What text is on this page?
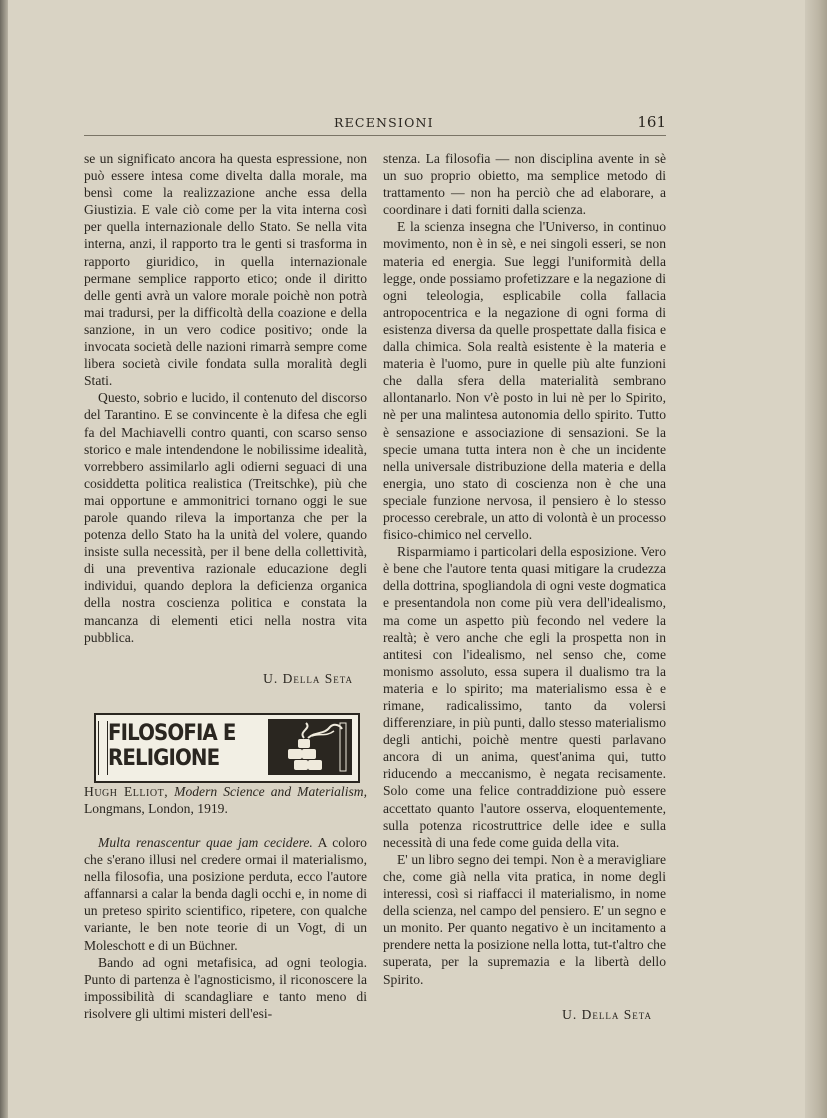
RECENSIONI	161

se un significato ancora ha questa espressione, non può essere intesa come divelta dalla morale, ma bensì come la realizzazione anche essa della Giustizia. E vale ciò come per la vita interna così per quella internazionale dello Stato. Se nella vita interna, anzi, il rapporto tra le genti si trasforma in rapporto giuridico, in quella internazionale permane semplice rapporto etico; onde il diritto delle genti avrà un valore morale poichè non potrà mai tradursi, per la difficoltà della coazione e della sanzione, in un vero codice positivo; onde la invocata società delle nazioni rimarrà sempre come libera società civile fondata sulla moralità degli Stati.

Questo, sobrio e lucido, il contenuto del discorso del Tarantino. E se convincente è la difesa che egli fa del Machiavelli contro quanti, con scarso senso storico e male intendendone le nobilissime idealità, vorrebbero assimilarlo agli odierni seguaci di una cosiddetta politica realistica (Treitschke), più che mai opportune e ammonitrici tornano oggi le sue parole quando rileva la importanza che per la potenza dello Stato ha la unità del volere, quando insiste sulla necessità, per il bene della collettività, di una preventiva razionale educazione degli individui, quando deplora la deficienza organica della nostra coscienza politica e constata la mancanza di elementi etici nella nostra vita pubblica.

U. Della Seta
FILOSOFIA E
RELIGIONE

Hugh Elliot, Modern Science and Materialism, Longmans, London, 1919.

Multa renascentur quae jam cecidere. A coloro che s'erano illusi nel credere ormai il materialismo, nella filosofia, una posizione perduta, ecco l'autore affannarsi a calar la benda dagli occhi e, in nome di un preteso spirito scientifico, ripetere, con qualche variante, le ben note teorie di un Vogt, di un Moleschott e di un Büchner.

Bando ad ogni metafisica, ad ogni teologia. Punto di partenza è l'agnosticismo, il riconoscere la impossibilità di scandagliare e tanto meno di risolvere gli ultimi misteri dell'esi-

stenza. La filosofia — non disciplina avente in sè un suo proprio obietto, ma semplice metodo di trattamento — non ha perciò che ad elaborare, a coordinare i dati forniti dalla scienza.

E la scienza insegna che l'Universo, in continuo movimento, non è in sè, e nei singoli esseri, se non materia ed energia. Sue leggi l'uniformità della legge, onde possiamo profetizzare e la negazione di ogni teleologia, esplicabile colla fallacia antropocentrica e la negazione di ogni forma di esistenza diversa da quelle prospettate dalla fisica e dalla chimica. Sola realtà esistente è la materia e materia è l'uomo, pure in quelle più alte funzioni che dalla sfera della materialità sembrano allontanarlo. Non v'è posto in lui nè per lo Spirito, nè per una malintesa autonomia dello spirito. Tutto è sensazione e associazione di sensazioni. Se la specie umana tutta intera non è che un incidente nella universale distribuzione della materia e della energia, uno stato di coscienza non è che una speciale funzione nervosa, il pensiero è lo stesso processo cerebrale, un atto di volontà è un processo fisico-chimico nel cervello.

Risparmiamo i particolari della esposizione. Vero è bene che l'autore tenta quasi mitigare la crudezza della dottrina, spogliandola di ogni veste dogmatica e presentandola non come più vera dell'idealismo, ma come un aspetto più fecondo nel vedere la realtà; è vero anche che egli la prospetta non in antitesi con l'idealismo, nel senso che, come monismo assoluto, essa supera il dualismo tra la materia e lo spirito; ma materialismo essa è e rimane, radicalissimo, tanto da volersi differenziare, in più punti, dallo stesso materialismo degli antichi, poichè mentre questi parlavano ancora di un anima, quest'anima qui, tutto riducendo a meccanismo, è negata recisamente. Solo come una felice contraddizione può essere accettato quanto l'autore osserva, eloquentemente, sulla potenza ricostruttrice delle idee e sulla necessità di una fede come guida della vita.

E' un libro segno dei tempi. Non è a meravigliare che, come già nella vita pratica, in nome degli interessi, così si riaffacci il materialismo, in nome della scienza, nel campo del pensiero. E' un segno e un monito. Per quanto negativo è un incitamento a prendere netta la posizione nella lotta, tut-t'altro che superata, per la supremazia e la libertà dello Spirito.

U. Della Seta
